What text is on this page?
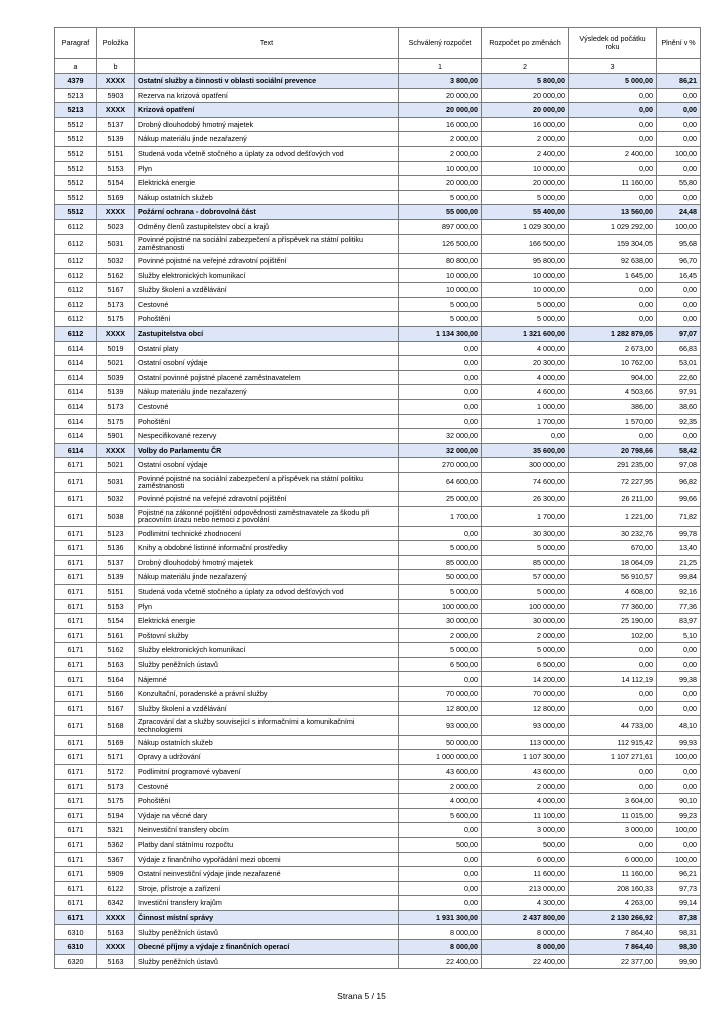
Paragraf	Položka	Text	Schválený rozpočet	Rozpočet po změnách	Výsledek od počátku roku	Plnění v %
a	b		1	2	3	
4379	XXXX	Ostatní služby a činnosti v oblasti sociální prevence	3 800,00	5 800,00	5 000,00	86,21
5213	5903	Rezerva na krizová opatření	20 000,00	20 000,00	0,00	0,00
5213	XXXX	Krizová opatření	20 000,00	20 000,00	0,00	0,00
5512	5137	Drobný dlouhodobý hmotný majetek	16 000,00	16 000,00	0,00	0,00
5512	5139	Nákup materiálu jinde nezařazený	2 000,00	2 000,00	0,00	0,00
5512	5151	Studená voda včetně stočného a úplaty za odvod dešťových vod	2 000,00	2 400,00	2 400,00	100,00
5512	5153	Plyn	10 000,00	10 000,00	0,00	0,00
5512	5154	Elektrická energie	20 000,00	20 000,00	11 160,00	55,80
5512	5169	Nákup ostatních služeb	5 000,00	5 000,00	0,00	0,00
5512	XXXX	Požární ochrana - dobrovolná část	55 000,00	55 400,00	13 560,00	24,48
6112	5023	Odměny členů zastupitelstev obcí a krajů	897 000,00	1 029 300,00	1 029 292,00	100,00
6112	5031	Povinné pojistné na sociální zabezpečení a příspěvek na státní politiku zaměstnanosti	126 500,00	166 500,00	159 304,05	95,68
6112	5032	Povinné pojistné na veřejné zdravotní pojištění	80 800,00	95 800,00	92 638,00	96,70
6112	5162	Služby elektronických komunikací	10 000,00	10 000,00	1 645,00	16,45
6112	5167	Služby školení a vzdělávání	10 000,00	10 000,00	0,00	0,00
6112	5173	Cestovné	5 000,00	5 000,00	0,00	0,00
6112	5175	Pohoštění	5 000,00	5 000,00	0,00	0,00
6112	XXXX	Zastupitelstva obcí	1 134 300,00	1 321 600,00	1 282 879,05	97,07
6114	5019	Ostatní platy	0,00	4 000,00	2 673,00	66,83
6114	5021	Ostatní osobní výdaje	0,00	20 300,00	10 762,00	53,01
6114	5039	Ostatní povinné pojistné placené zaměstnavatelem	0,00	4 000,00	904,00	22,60
6114	5139	Nákup materiálu jinde nezařazený	0,00	4 600,00	4 503,66	97,91
6114	5173	Cestovné	0,00	1 000,00	386,00	38,60
6114	5175	Pohoštění	0,00	1 700,00	1 570,00	92,35
6114	5901	Nespecifikované rezervy	32 000,00	0,00	0,00	0,00
6114	XXXX	Volby do Parlamentu ČR	32 000,00	35 600,00	20 798,66	58,42
6171	5021	Ostatní osobní výdaje	270 000,00	300 000,00	291 235,00	97,08
6171	5031	Povinné pojistné na sociální zabezpečení a příspěvek na státní politiku zaměstnanosti	64 600,00	74 600,00	72 227,95	96,82
6171	5032	Povinné pojistné na veřejné zdravotní pojištění	25 000,00	26 300,00	26 211,00	99,66
6171	5038	Pojistné na zákonné pojištění odpovědnosti zaměstnavatele za škodu při pracovním úrazu nebo nemoci z povolání	1 700,00	1 700,00	1 221,00	71,82
6171	5123	Podlimitní technické zhodnocení	0,00	30 300,00	30 232,76	99,78
6171	5136	Knihy a obdobné listinné informační prostředky	5 000,00	5 000,00	670,00	13,40
6171	5137	Drobný dlouhodobý hmotný majetek	85 000,00	85 000,00	18 064,09	21,25
6171	5139	Nákup materiálu jinde nezařazený	50 000,00	57 000,00	56 910,57	99,84
6171	5151	Studená voda včetně stočného a úplaty za odvod dešťových vod	5 000,00	5 000,00	4 608,00	92,16
6171	5153	Plyn	100 000,00	100 000,00	77 360,00	77,36
6171	5154	Elektrická energie	30 000,00	30 000,00	25 190,00	83,97
6171	5161	Poštovní služby	2 000,00	2 000,00	102,00	5,10
6171	5162	Služby elektronických komunikací	5 000,00	5 000,00	0,00	0,00
6171	5163	Služby peněžních ústavů	6 500,00	6 500,00	0,00	0,00
6171	5164	Nájemné	0,00	14 200,00	14 112,19	99,38
6171	5166	Konzultační, poradenské a právní služby	70 000,00	70 000,00	0,00	0,00
6171	5167	Služby školení a vzdělávání	12 800,00	12 800,00	0,00	0,00
6171	5168	Zpracování dat a služby související s informačními a komunikačními technologiemi	93 000,00	93 000,00	44 733,00	48,10
6171	5169	Nákup ostatních služeb	50 000,00	113 000,00	112 915,42	99,93
6171	5171	Opravy a udržování	1 000 000,00	1 107 300,00	1 107 271,61	100,00
6171	5172	Podlimitní programové vybavení	43 600,00	43 600,00	0,00	0,00
6171	5173	Cestovné	2 000,00	2 000,00	0,00	0,00
6171	5175	Pohoštění	4 000,00	4 000,00	3 604,00	90,10
6171	5194	Výdaje na věcné dary	5 600,00	11 100,00	11 015,00	99,23
6171	5321	Neinvestiční transfery obcím	0,00	3 000,00	3 000,00	100,00
6171	5362	Platby daní státnímu rozpočtu	500,00	500,00	0,00	0,00
6171	5367	Výdaje z finančního vypořádání mezi obcemi	0,00	6 000,00	6 000,00	100,00
6171	5909	Ostatní neinvestiční výdaje jinde nezařazené	0,00	11 600,00	11 160,00	96,21
6171	6122	Stroje, přístroje a zařízení	0,00	213 000,00	208 160,33	97,73
6171	6342	Investiční transfery krajům	0,00	4 300,00	4 263,00	99,14
6171	XXXX	Činnost místní správy	1 931 300,00	2 437 800,00	2 130 266,92	87,38
6310	5163	Služby peněžních ústavů	8 000,00	8 000,00	7 864,40	98,31
6310	XXXX	Obecné příjmy a výdaje z finančních operací	8 000,00	8 000,00	7 864,40	98,30
6320	5163	Služby peněžních ústavů	22 400,00	22 400,00	22 377,00	99,90
Strana 5 / 15
